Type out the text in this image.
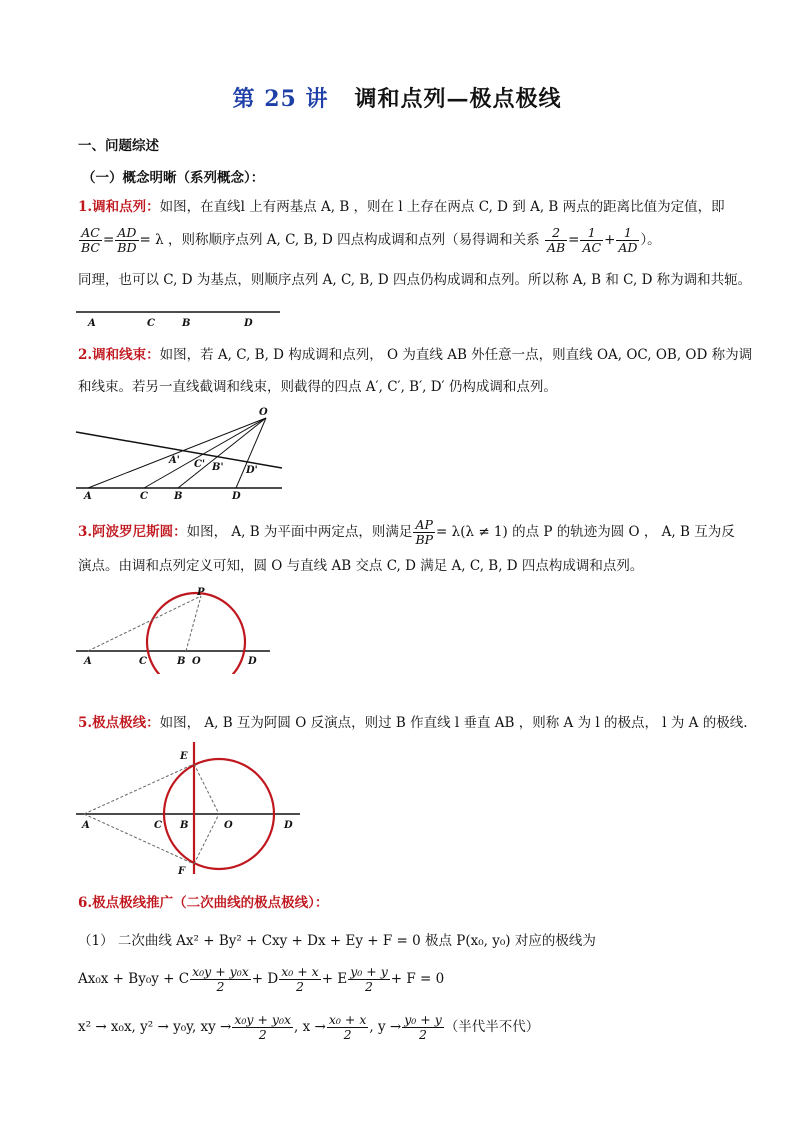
第 25 讲 调和点列—极点极线
一、问题综述
（一）概念明晰（系列概念）：
1.调和点列：如图，在直线l 上有两基点 A, B ，则在 l 上存在两点 C, D 到 A, B 两点的距离比值为定值，即
$\frac{AC}{BC} = \frac{AD}{BD} = \lambda$ ，则称顺序点列 A, C, B, D 四点构成调和点列（易得调和关系 $\frac{2}{AB} = \frac{1}{AC} + \frac{1}{AD}$ ）。
同理，也可以 C, D 为基点，则顺序点列 A, C, B, D 四点仍构成调和点列。所以称 A, B 和 C, D 称为调和共轭。
A	C	B	D
2.调和线束：如图，若 A, C, B, D 构成调和点列， O 为直线 AB 外任意一点，则直线 OA, OC, OB, OD 称为调
和线束。若另一直线截调和线束，则截得的四点 A′, C′, B′, D′ 仍构成调和点列。
O
A	C	B	D
A' C' B' D'
3.阿波罗尼斯圆：如图， A, B 为平面中两定点，则满足 $\frac{AP}{BP} = \lambda(\lambda \ne 1)$ 的点 P 的轨迹为圆 O ， A, B 互为反
演点。由调和点列定义可知，圆 O 与直线 AB 交点 C, D 满足 A, C, B, D 四点构成调和点列。
P
A	C	B O	D
5.极点极线：如图， A, B 互为阿圆 O 反演点，则过 B 作直线 l 垂直 AB ，则称 A 为 l 的极点， l 为 A 的极线.
E
A	C B	O	D
F
6.极点极线推广（二次曲线的极点极线）：
（1） 二次曲线 Ax² + By² + Cxy + Dx + Ey + F = 0 极点 P(x₀, y₀) 对应的极线为
Ax₀x + By₀y + C $\frac{\text{x₀y + y₀x}}{2} + D \frac{\text{x₀ + x}}{2} + E \frac{\text{y₀ + y}}{2} + F = 0$
x² → x₀x, y² → y₀y, xy → $\frac{\text{x₀y + y₀x}}{2}$ , $x \to \frac{\text{x₀ + x}}{2}$ , $y \to \frac{\text{y₀ + y}}{2}$ （半代半不代）
